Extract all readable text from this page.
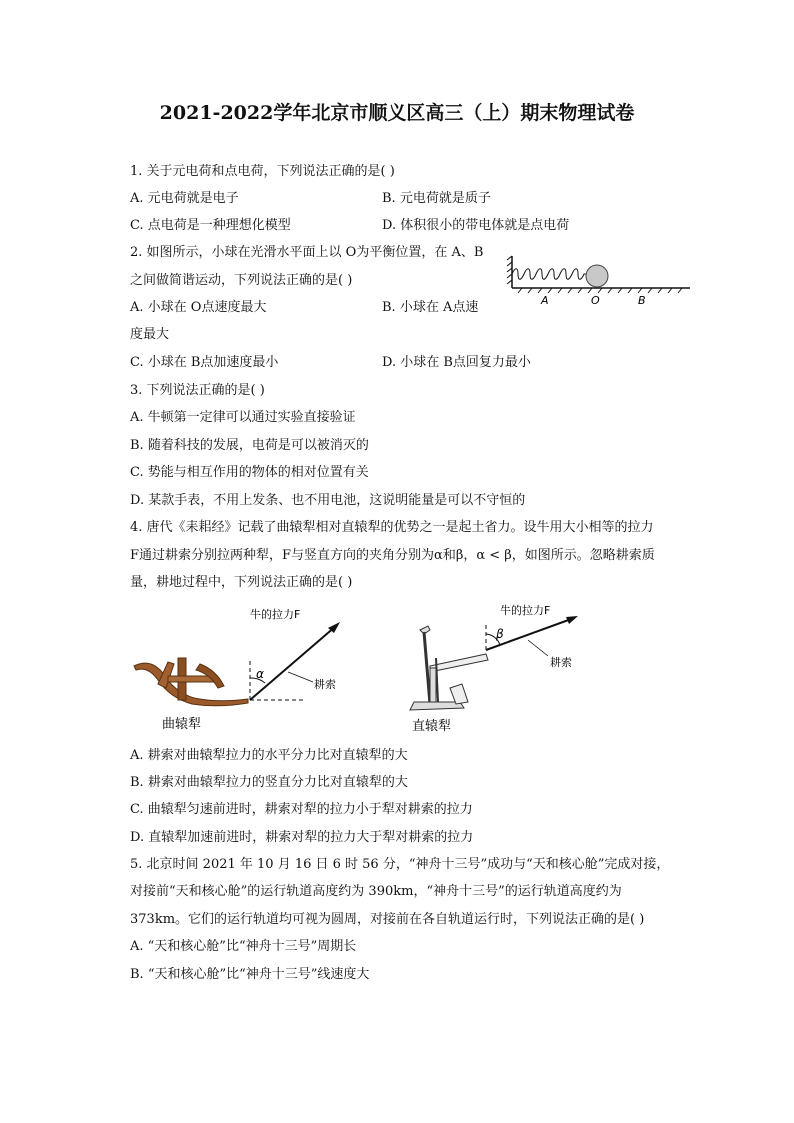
2021-2022学年北京市顺义区高三（上）期末物理试卷
1. 关于元电荷和点电荷，下列说法正确的是( )
A. 元电荷就是电子	B. 元电荷就是质子
C. 点电荷是一种理想化模型	D. 体积很小的带电体就是点电荷
2. 如图所示，小球在光滑水平面上以 O为平衡位置，在 A、B
之间做简谐运动，下列说法正确的是( )
A. 小球在 O点速度最大	B. 小球在 A点速
度最大
C. 小球在 B点加速度最小	D. 小球在 B点回复力最小
A	O	B
3. 下列说法正确的是( )
A. 牛顿第一定律可以通过实验直接验证
B. 随着科技的发展，电荷是可以被消灭的
C. 势能与相互作用的物体的相对位置有关
D. 某款手表，不用上发条、也不用电池，这说明能量是可以不守恒的
4. 唐代《耒耜经》记载了曲辕犁相对直辕犁的优势之一是起土省力。设牛用大小相等的拉力
F通过耕索分别拉两种犁，F与竖直方向的夹角分别为α和β，α < β，如图所示。忽略耕索质
量，耕地过程中，下列说法正确的是( )
牛的拉力F
α
耕索
曲辕犁
牛的拉力F
β
耕索
直辕犁
A. 耕索对曲辕犁拉力的水平分力比对直辕犁的大
B. 耕索对曲辕犁拉力的竖直分力比对直辕犁的大
C. 曲辕犁匀速前进时，耕索对犁的拉力小于犁对耕索的拉力
D. 直辕犁加速前进时，耕索对犁的拉力大于犁对耕索的拉力
5. 北京时间 2021 年 10 月 16 日 6 时 56 分，“神舟十三号”成功与“天和核心舱”完成对接，
对接前“天和核心舱”的运行轨道高度约为 390km，“神舟十三号”的运行轨道高度约为
373km。它们的运行轨道均可视为圆周，对接前在各自轨道运行时，下列说法正确的是( )
A. “天和核心舱”比“神舟十三号”周期长
B. “天和核心舱”比“神舟十三号”线速度大
